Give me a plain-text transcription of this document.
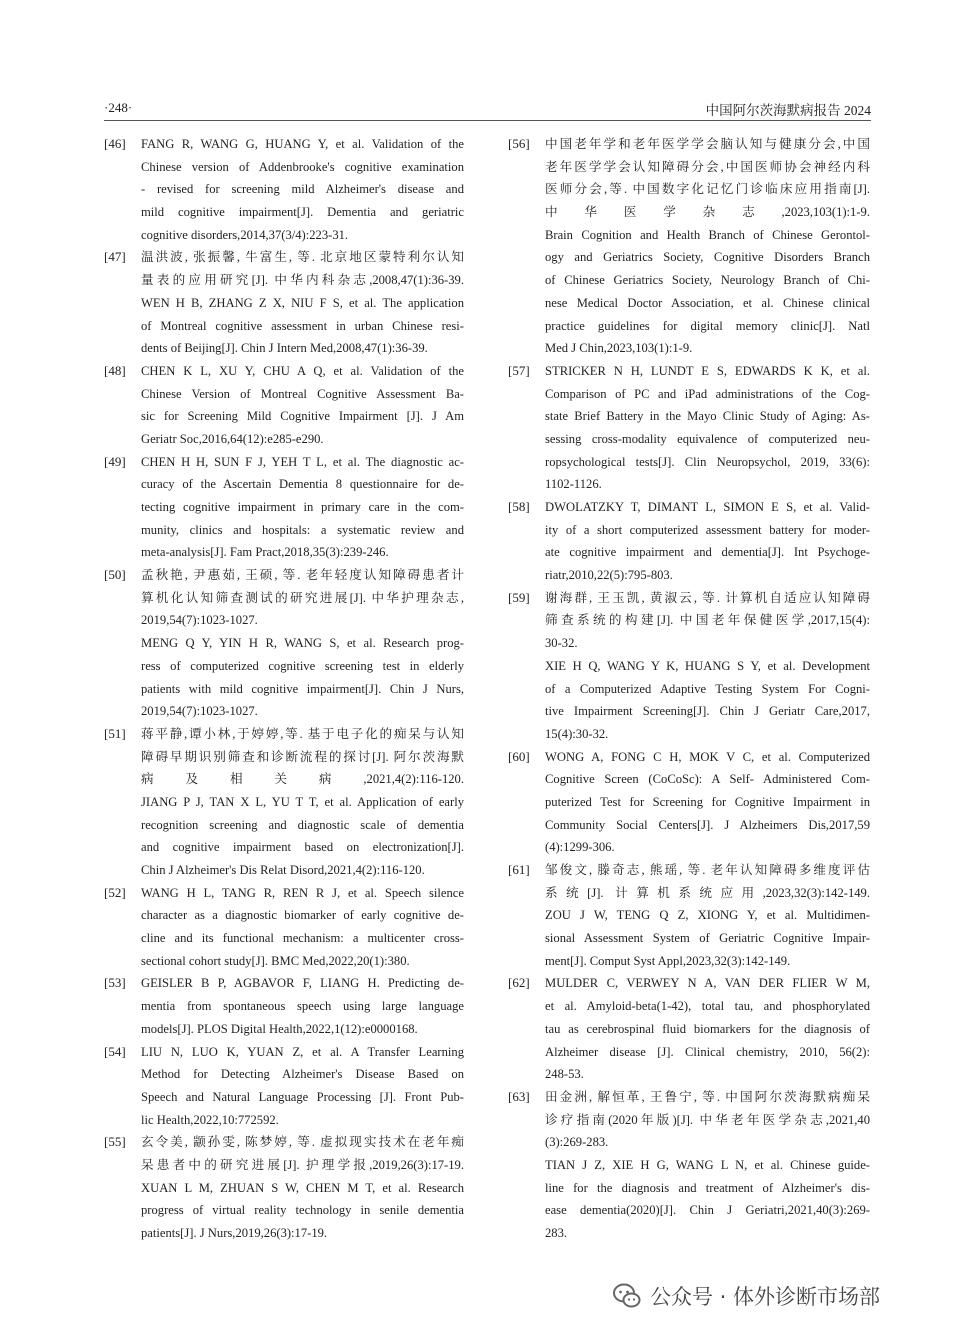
·248·	中国阿尔茨海默病报告 2024
[46]	FANG R, WANG G, HUANG Y, et al. Validation of the
Chinese version of Addenbrooke's cognitive examination
- revised for screening mild Alzheimer's disease and
mild cognitive impairment[J]. Dementia and geriatric
cognitive disorders,2014,37(3/4):223-31.
[47]	温洪波, 张振馨, 牛富生, 等. 北京地区蒙特利尔认知
量表的应用研究[J]. 中华内科杂志,2008,47(1):36-39.
WEN H B, ZHANG Z X, NIU F S, et al. The application
of Montreal cognitive assessment in urban Chinese resi-
dents of Beijing[J]. Chin J Intern Med,2008,47(1):36-39.
[48]	CHEN K L, XU Y, CHU A Q, et al. Validation of the
Chinese Version of Montreal Cognitive Assessment Ba-
sic for Screening Mild Cognitive Impairment [J]. J Am
Geriatr Soc,2016,64(12):e285-e290.
[49]	CHEN H H, SUN F J, YEH T L, et al. The diagnostic ac-
curacy of the Ascertain Dementia 8 questionnaire for de-
tecting cognitive impairment in primary care in the com-
munity, clinics and hospitals: a systematic review and
meta-analysis[J]. Fam Pract,2018,35(3):239-246.
[50]	孟秋艳, 尹惠茹, 王硕, 等. 老年轻度认知障碍患者计
算机化认知筛查测试的研究进展[J]. 中华护理杂志,
2019,54(7):1023-1027.
MENG Q Y, YIN H R, WANG S, et al. Research prog-
ress of computerized cognitive screening test in elderly
patients with mild cognitive impairment[J]. Chin J Nurs,
2019,54(7):1023-1027.
[51]	蒋平静,谭小林,于婷婷,等. 基于电子化的痴呆与认知
障碍早期识别筛查和诊断流程的探讨[J]. 阿尔茨海默
病及相关病,2021,4(2):116-120.
JIANG P J, TAN X L, YU T T, et al. Application of early
recognition screening and diagnostic scale of dementia
and cognitive impairment based on electronization[J].
Chin J Alzheimer's Dis Relat Disord,2021,4(2):116-120.
[52]	WANG H L, TANG R, REN R J, et al. Speech silence
character as a diagnostic biomarker of early cognitive de-
cline and its functional mechanism: a multicenter cross-
sectional cohort study[J]. BMC Med,2022,20(1):380.
[53]	GEISLER B P, AGBAVOR F, LIANG H. Predicting de-
mentia from spontaneous speech using large language
models[J]. PLOS Digital Health,2022,1(12):e0000168.
[54]	LIU N, LUO K, YUAN Z, et al. A Transfer Learning
Method for Detecting Alzheimer's Disease Based on
Speech and Natural Language Processing [J]. Front Pub-
lic Health,2022,10:772592.
[55]	玄令美, 颛孙雯, 陈梦婷, 等. 虚拟现实技术在老年痴
呆患者中的研究进展[J]. 护理学报,2019,26(3):17-19.
XUAN L M, ZHUAN S W, CHEN M T, et al. Research
progress of virtual reality technology in senile dementia
patients[J]. J Nurs,2019,26(3):17-19.
[56]	中国老年学和老年医学学会脑认知与健康分会,中国
老年医学学会认知障碍分会,中国医师协会神经内科
医师分会,等. 中国数字化记忆门诊临床应用指南[J].
中华医学杂志,2023,103(1):1-9.
Brain Cognition and Health Branch of Chinese Gerontol-
ogy and Geriatrics Society, Cognitive Disorders Branch
of Chinese Geriatrics Society, Neurology Branch of Chi-
nese Medical Doctor Association, et al. Chinese clinical
practice guidelines for digital memory clinic[J]. Natl
Med J Chin,2023,103(1):1-9.
[57]	STRICKER N H, LUNDT E S, EDWARDS K K, et al.
Comparison of PC and iPad administrations of the Cog-
state Brief Battery in the Mayo Clinic Study of Aging: As-
sessing cross-modality equivalence of computerized neu-
ropsychological tests[J]. Clin Neuropsychol, 2019, 33(6):
1102-1126.
[58]	DWOLATZKY T, DIMANT L, SIMON E S, et al. Valid-
ity of a short computerized assessment battery for moder-
ate cognitive impairment and dementia[J]. Int Psychoge-
riatr,2010,22(5):795-803.
[59]	谢海群, 王玉凯, 黄淑云, 等. 计算机自适应认知障碍
筛查系统的构建[J]. 中国老年保健医学,2017,15(4):
30-32.
XIE H Q, WANG Y K, HUANG S Y, et al. Development
of a Computerized Adaptive Testing System For Cogni-
tive Impairment Screening[J]. Chin J Geriatr Care,2017,
15(4):30-32.
[60]	WONG A, FONG C H, MOK V C, et al. Computerized
Cognitive Screen (CoCoSc): A Self- Administered Com-
puterized Test for Screening for Cognitive Impairment in
Community Social Centers[J]. J Alzheimers Dis,2017,59
(4):1299-306.
[61]	邹俊文, 滕奇志, 熊瑶, 等. 老年认知障碍多维度评估
系统[J]. 计算机系统应用,2023,32(3):142-149.
ZOU J W, TENG Q Z, XIONG Y, et al. Multidimen-
sional Assessment System of Geriatric Cognitive Impair-
ment[J]. Comput Syst Appl,2023,32(3):142-149.
[62]	MULDER C, VERWEY N A, VAN DER FLIER W M,
et al. Amyloid-beta(1-42), total tau, and phosphorylated
tau as cerebrospinal fluid biomarkers for the diagnosis of
Alzheimer disease [J]. Clinical chemistry, 2010, 56(2):
248-53.
[63]	田金洲, 解恒革, 王鲁宁, 等. 中国阿尔茨海默病痴呆
诊疗指南(2020年版)[J]. 中华老年医学杂志,2021,40
(3):269-283.
TIAN J Z, XIE H G, WANG L N, et al. Chinese guide-
line for the diagnosis and treatment of Alzheimer's dis-
ease dementia(2020)[J]. Chin J Geriatri,2021,40(3):269-
283.
公众号 · 体外诊断市场部
